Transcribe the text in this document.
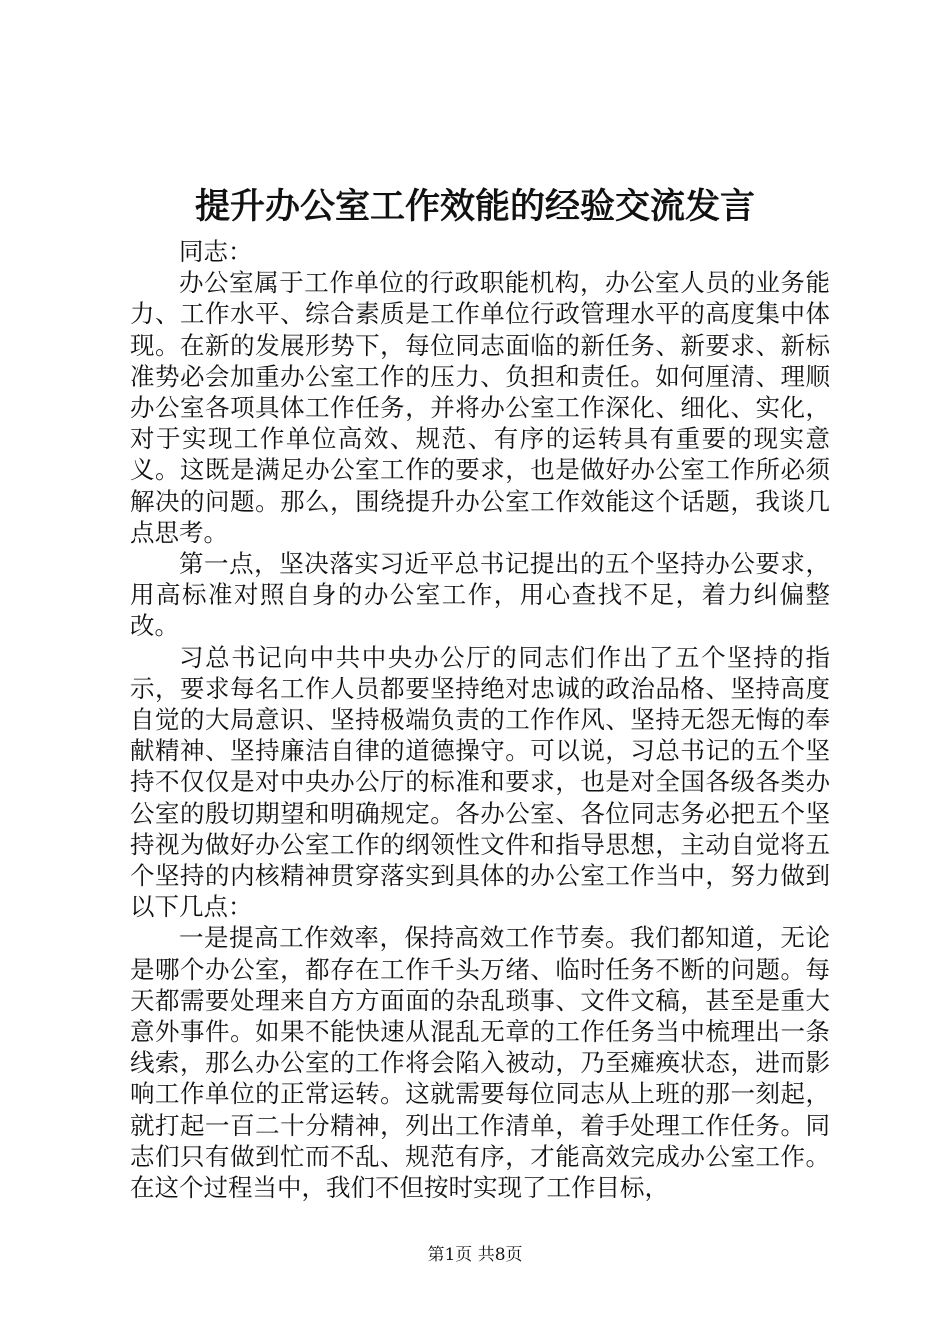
提升办公室工作效能的经验交流发言

同志：

办公室属于工作单位的行政职能机构，办公室人员的业务能力、工作水平、综合素质是工作单位行政管理水平的高度集中体现。在新的发展形势下，每位同志面临的新任务、新要求、新标准势必会加重办公室工作的压力、负担和责任。如何厘清、理顺办公室各项具体工作任务，并将办公室工作深化、细化、实化，对于实现工作单位高效、规范、有序的运转具有重要的现实意义。这既是满足办公室工作的要求，也是做好办公室工作所必须解决的问题。那么，围绕提升办公室工作效能这个话题，我谈几点思考。

第一点，坚决落实习近平总书记提出的五个坚持办公要求，用高标准对照自身的办公室工作，用心查找不足，着力纠偏整改。

习总书记向中共中央办公厅的同志们作出了五个坚持的指示，要求每名工作人员都要坚持绝对忠诚的政治品格、坚持高度自觉的大局意识、坚持极端负责的工作作风、坚持无怨无悔的奉献精神、坚持廉洁自律的道德操守。可以说，习总书记的五个坚持不仅仅是对中央办公厅的标准和要求，也是对全国各级各类办公室的殷切期望和明确规定。各办公室、各位同志务必把五个坚持视为做好办公室工作的纲领性文件和指导思想，主动自觉将五个坚持的内核精神贯穿落实到具体的办公室工作当中，努力做到以下几点：

一是提高工作效率，保持高效工作节奏。我们都知道，无论是哪个办公室，都存在工作千头万绪、临时任务不断的问题。每天都需要处理来自方方面面的杂乱琐事、文件文稿，甚至是重大意外事件。如果不能快速从混乱无章的工作任务当中梳理出一条线索，那么办公室的工作将会陷入被动，乃至瘫痪状态，进而影响工作单位的正常运转。这就需要每位同志从上班的那一刻起，就打起一百二十分精神，列出工作清单，着手处理工作任务。同志们只有做到忙而不乱、规范有序，才能高效完成办公室工作。在这个过程当中，我们不但按时实现了工作目标，

第1页 共8页
